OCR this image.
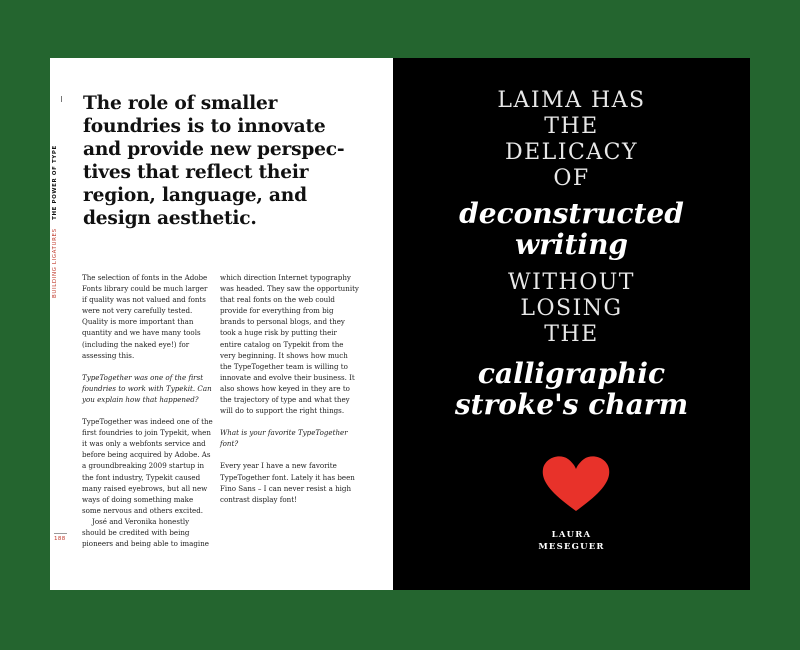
BUILDING LIGATURES THE POWER OF TYPE
The role of smaller
foundries is to innovate
and provide new perspec-
tives that reflect their
region, language, and
design aesthetic.

The selection of fonts in the Adobe Fonts library could be much larger if quality was not valued and fonts were not very carefully tested. Quality is more important than quantity and we have many tools (including the naked eye!) for assessing this.

TypeTogether was one of the first foundries to work with Typekit. Can you explain how that happened?

TypeTogether was indeed one of the first foundries to join Typekit, when it was only a webfonts service and before being acquired by Adobe. As a groundbreaking 2009 startup in the font industry, Typekit caused many raised eyebrows, but all new ways of doing something make some nervous and others excited.

José and Veronika honestly should be credited with being pioneers and being able to imagine

which direction Internet typography was headed. They saw the opportunity that real fonts on the web could provide for everything from big brands to personal blogs, and they took a huge risk by putting their entire catalog on Typekit from the very beginning. It shows how much the TypeTogether team is willing to innovate and evolve their business. It also shows how keyed in they are to the trajectory of type and what they will do to support the right things.

What is your favorite TypeTogether font?

Every year I have a new favorite TypeTogether font. Lately it has been Fino Sans – I can never resist a high contrast display font!

188
LAIMA HAS
THE
DELICACY
OF
deconstructed
writing
WITHOUT
LOSING
THE
calligraphic
stroke's charm
LAURA
MESEGUER
